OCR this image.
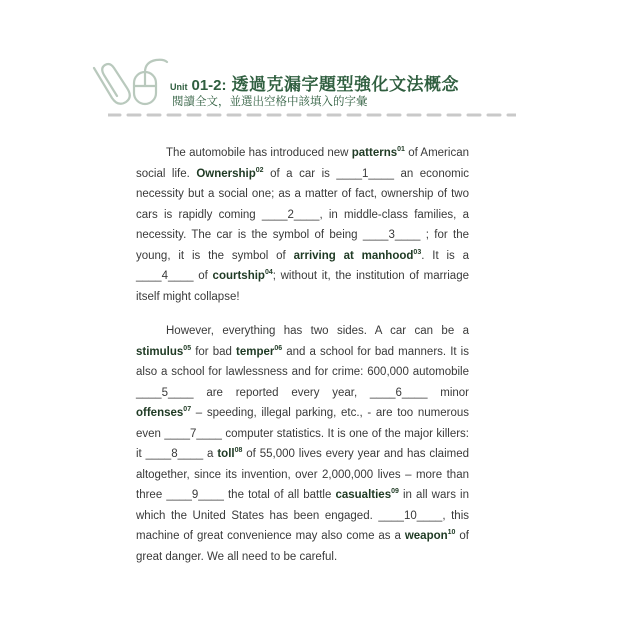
Unit 01-2 : 透過克漏字題型強化文法概念
閱讀全文，並選出空格中該填入的字彙

The automobile has introduced new patterns$^{01}$ of American social life. Ownership$^{02}$ of a car is ____1____ an economic necessity but a social one; as a matter of fact, ownership of two cars is rapidly coming ____2____, in middle-class families, a necessity. The car is the symbol of being ____3____ ; for the young, it is the symbol of arriving at manhood$^{03}$. It is a ____4____ of courtship$^{04}$; without it, the institution of marriage itself might collapse!

However, everything has two sides. A car can be a stimulus$^{05}$ for bad temper$^{06}$ and a school for bad manners. It is also a school for lawlessness and for crime: 600,000 automobile ____5____ are reported every year, ____6____ minor offenses$^{07}$ – speeding, illegal parking, etc., - are too numerous even ____7____ computer statistics. It is one of the major killers: it ____8____ a toll$^{08}$ of 55,000 lives every year and has claimed altogether, since its invention, over 2,000,000 lives – more than three ____9____ the total of all battle casualties$^{09}$ in all wars in which the United States has been engaged. ____10____, this machine of great convenience may also come as a weapon$^{10}$ of great danger. We all need to be careful.
